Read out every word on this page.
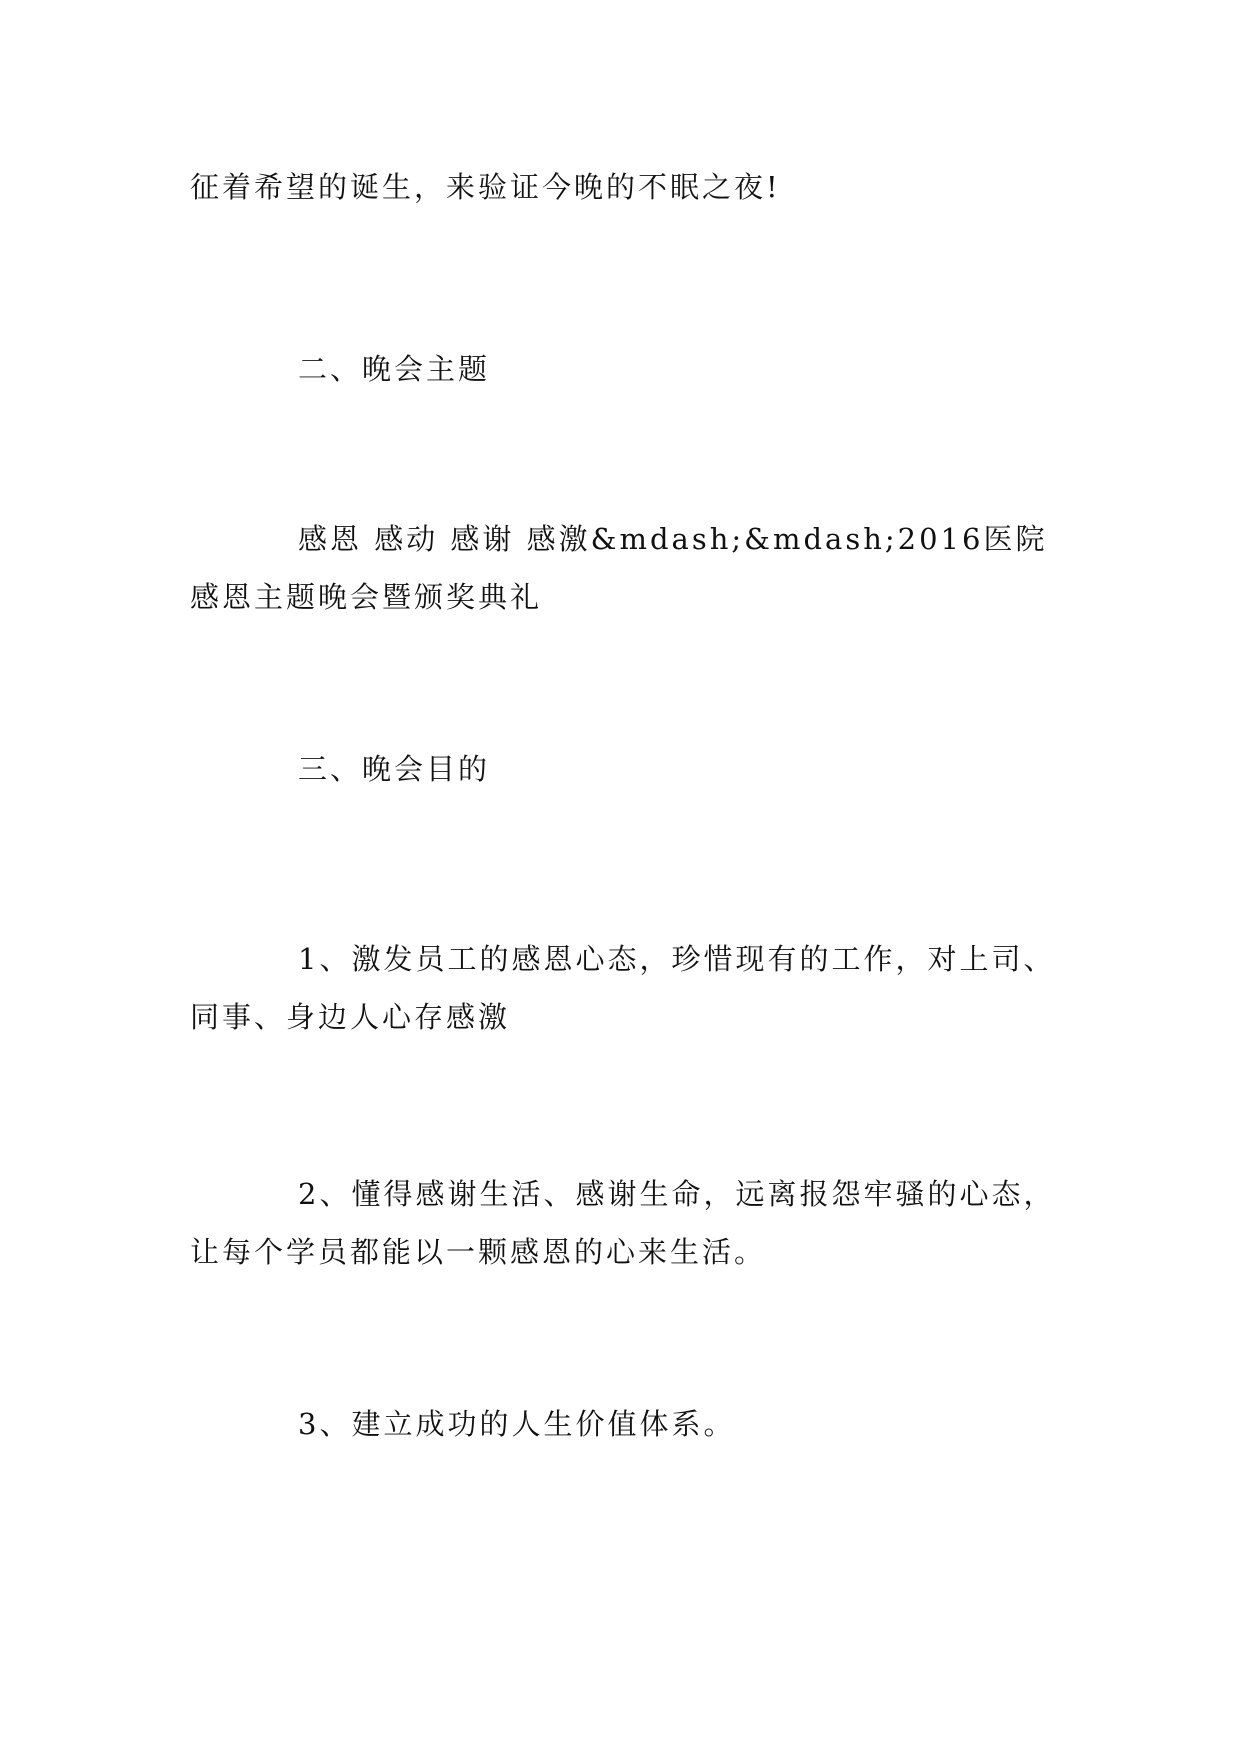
征着希望的诞生，来验证今晚的不眠之夜!

二、晚会主题

感恩 感动 感谢 感激&mdash;&mdash;2016医院感恩主题晚会暨颁奖典礼

三、晚会目的

1、激发员工的感恩心态，珍惜现有的工作，对上司、同事、身边人心存感激

2、懂得感谢生活、感谢生命，远离报怨牢骚的心态，让每个学员都能以一颗感恩的心来生活。

3、建立成功的人生价值体系。
